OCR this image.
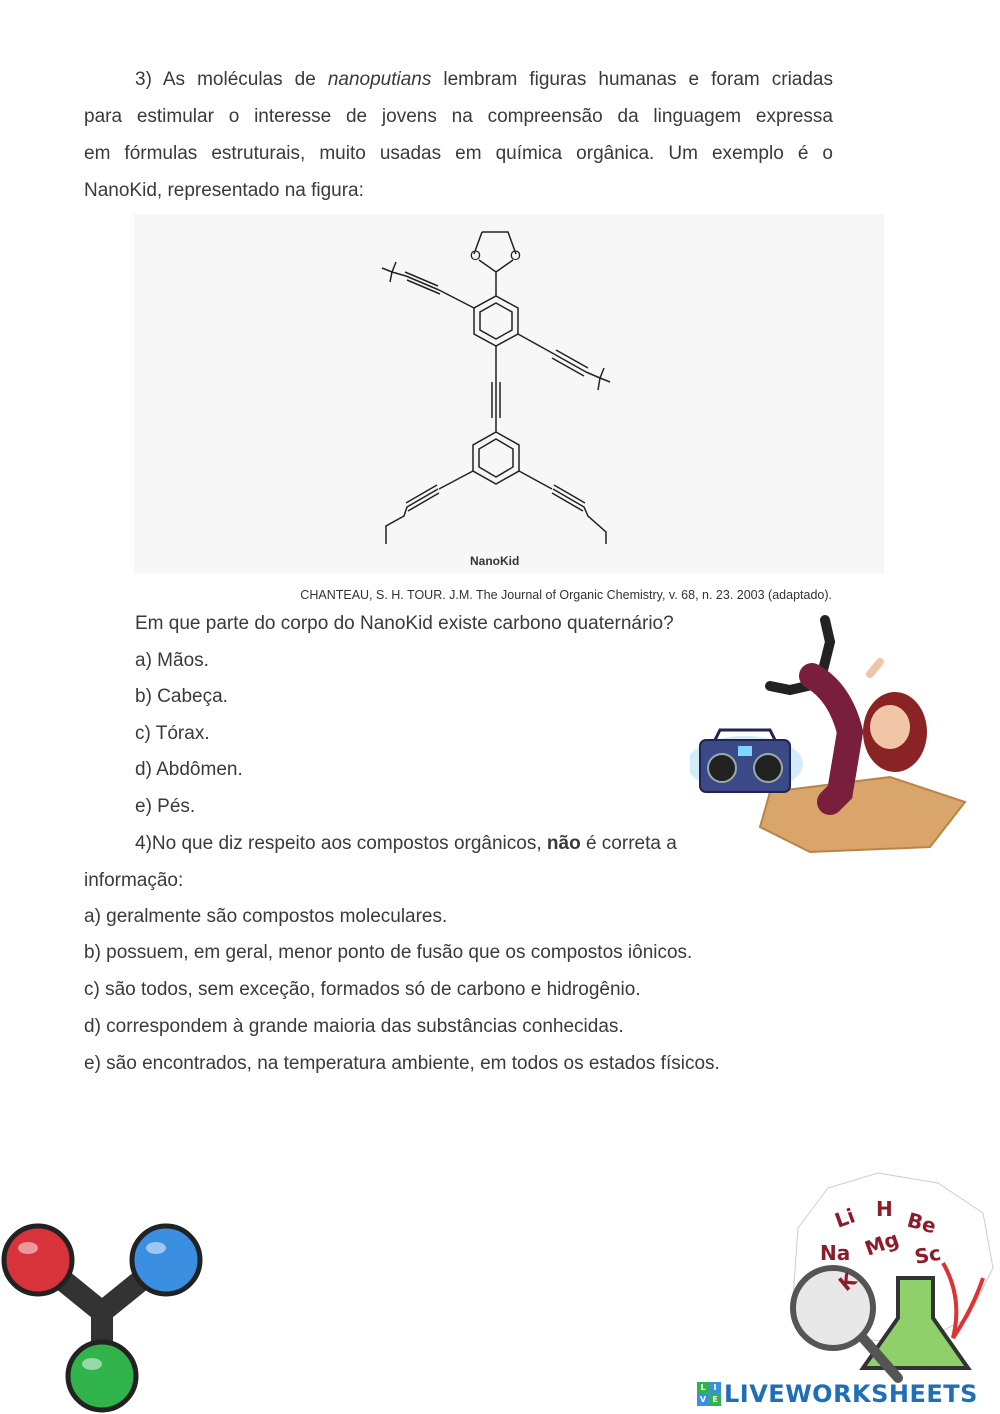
3) As moléculas de nanoputians lembram figuras humanas e foram criadas
para estimular o interesse de jovens na compreensão da linguagem expressa
em fórmulas estruturais, muito usadas em química orgânica. Um exemplo é o
NanoKid, representado na figura:
O O
NanoKid
CHANTEAU, S. H. TOUR. J.M. The Journal of Organic Chemistry, v. 68, n. 23. 2003 (adaptado).
Em que parte do corpo do NanoKid existe carbono quaternário?
a) Mãos.
b) Cabeça.
c) Tórax.
d) Abdômen.
e) Pés.
4)No que diz respeito aos compostos orgânicos, não é correta a
informação:
a) geralmente são compostos moleculares.
b) possuem, em geral, menor ponto de fusão que os compostos iônicos.
c) são todos, sem exceção, formados só de carbono e hidrogênio.
d) correspondem à grande maioria das substâncias conhecidas.
e) são encontrados, na temperatura ambiente, em todos os estados físicos.
Li H Be
Na Mg Sc
K
L I
V E LIVEWORKSHEETS
